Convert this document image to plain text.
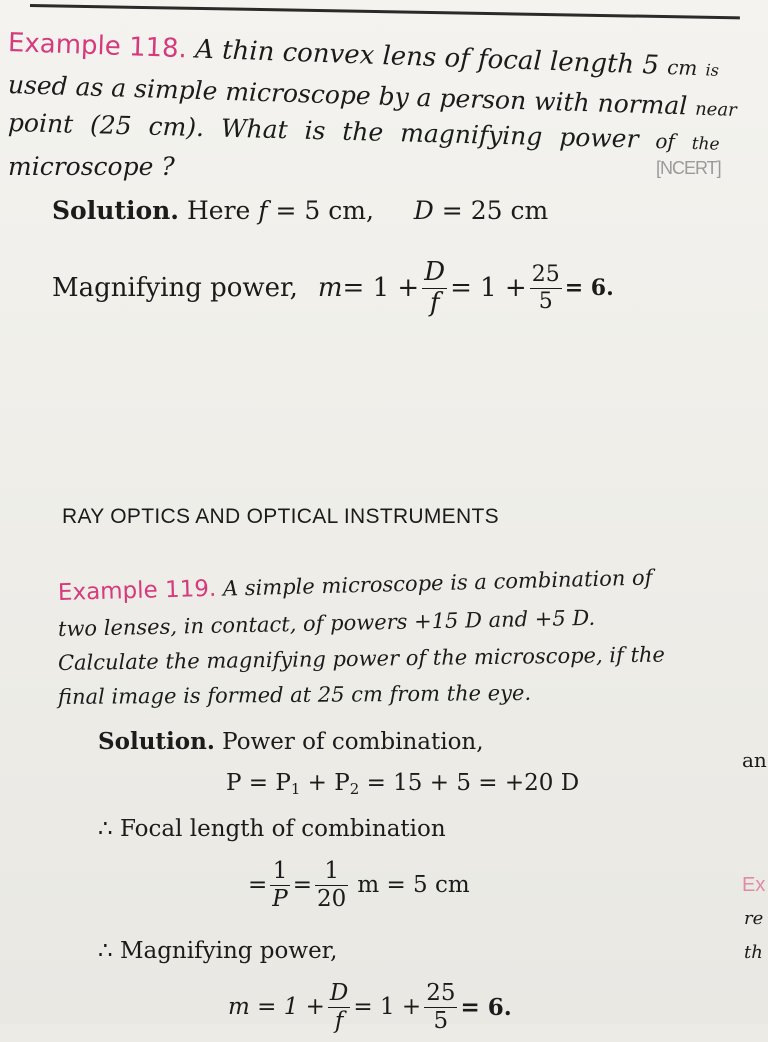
Example 118. A thin convex lens of focal length 5 cm is
used as a simple microscope by a person with normal near
point (25 cm). What is the magnifying power of the
microscope ?	[NCERT]
Solution. Here f = 5 cm, D = 25 cm
Magnifying power, $m = 1 + \frac{D}{f} = 1 + \frac{25}{5} = 6$.
RAY OPTICS AND OPTICAL INSTRUMENTS
Example 119. A simple microscope is a combination of
two lenses, in contact, of powers +15 D and +5 D.
Calculate the magnifying power of the microscope, if the
final image is formed at 25 cm from the eye.
Solution. Power of combination,
$P = P_1 + P_2 = 15 + 5 = +20$ D
∴ Focal length of combination
= $\frac{1}{P} = \frac{1}{20}$ m = 5 cm
∴ Magnifying power,
$m = 1 + \frac{D}{f} = 1 + \frac{25}{5} = 6$.
an
Ex
re
th
